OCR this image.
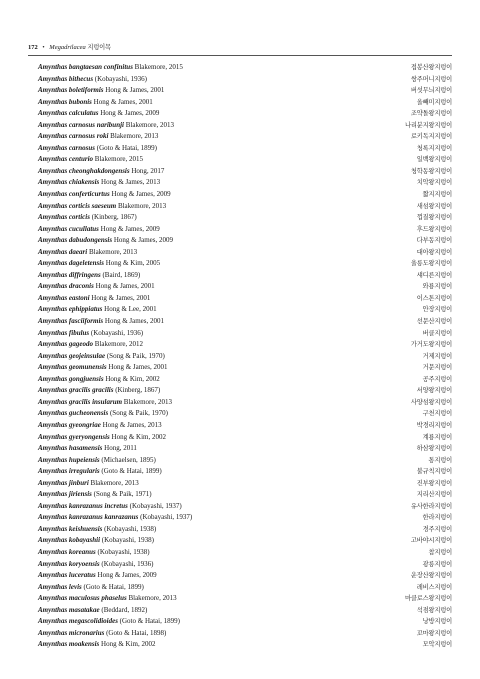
172 • Megadrilacea 지렁이목
Amynthas bangtaesan confinitus Blakemore, 2015	접봉산왕지렁이
Amynthas bithecus (Kobayashi, 1936)	쌍주머니지렁이
Amynthas boletiformis Hong & James, 2001	버섯무늬지렁이
Amynthas bubonis Hong & James, 2001	올빼미지렁이
Amynthas calculatus Hong & James, 2009	조약돌왕지렁이
Amynthas carnosus naribunji Blakemore, 2013	나리분지왕지렁이
Amynthas carnosus roki Blakemore, 2013	로키독지지렁이
Amynthas carnosus (Goto & Hatai, 1899)	청록지지렁이
Amynthas centurio Blakemore, 2015	일백왕지렁이
Amynthas cheonghakdongensis Hong, 2017	청학동왕지렁이
Amynthas chiakensis Hong & James, 2013	치악왕지렁이
Amynthas conferticurtus Hong & James, 2009	짧지지렁이
Amynthas corticis saeseum Blakemore, 2013	새섬왕지렁이
Amynthas corticis (Kinberg, 1867)	껍질왕지렁이
Amynthas cucullatus Hong & James, 2009	후드왕지렁이
Amynthas dabudongensis Hong & James, 2009	다부동지렁이
Amynthas daeari Blakemore, 2013	대아왕지렁이
Amynthas dageletensis Hong & Kim, 2005	울릉도왕지렁이
Amynthas diffringens (Baird, 1869)	섀디른지렁이
Amynthas draconis Hong & James, 2001	와룡지렁이
Amynthas eastoni Hong & James, 2001	이스톤지렁이
Amynthas ephippiatus Hong & Lee, 2001	안장지렁이
Amynthas fasciiformis Hong & James, 2001	선문산지렁이
Amynthas fibulus (Kobayashi, 1936)	버클지렁이
Amynthas gageodo Blakemore, 2012	가거도왕지렁이
Amynthas geojeinsulae (Song & Paik, 1970)	거제지렁이
Amynthas geomunensis Hong & James, 2001	거문지렁이
Amynthas gongjuensis Hong & Kim, 2002	공주지렁이
Amynthas gracilis gracilis (Kinberg, 1867)	서양왕지렁이
Amynthas gracilis insularum Blakemore, 2013	사양섬왕지렁이
Amynthas gucheonensis (Song & Paik, 1970)	구천지렁이
Amynthas gyeongriae Hong & James, 2013	박경리지렁이
Amynthas gyeryongensis Hong & Kim, 2002	계룡지렁이
Amynthas hasamensis Hong, 2011	하삼왕지렁이
Amynthas hupeiensis (Michaelsen, 1895)	통지렁이
Amynthas irregularis (Goto & Hatai, 1899)	불규칙지렁이
Amynthas jinburi Blakemore, 2013	진부왕지렁이
Amynthas jiriensis (Song & Paik, 1971)	지리산지렁이
Amynthas kanrazanus incretus (Kobayashi, 1937)	유사한라지렁이
Amynthas kanrazanus kanrazanus (Kobayashi, 1937)	한라지렁이
Amynthas keishuensis (Kobayashi, 1938)	경주지렁이
Amynthas kobayashii (Kobayashi, 1938)	고바야시지렁이
Amynthas koreanus (Kobayashi, 1938)	참지렁이
Amynthas koryoensis (Kobayashi, 1936)	광릉지렁이
Amynthas luceratus Hong & James, 2009	운장산왕지렁이
Amynthas levis (Goto & Hatai, 1899)	레비스지렁이
Amynthas maculosus phaselus Blakemore, 2013	마클로스왕지렁이
Amynthas masatakae (Beddard, 1892)	석점왕지렁이
Amynthas megascolidioides (Goto & Hatai, 1899)	낭방지렁이
Amynthas micronarius (Goto & Hatai, 1898)	꼬마왕지렁이
Amynthas moakensis Hong & Kim, 2002	모악지렁이
